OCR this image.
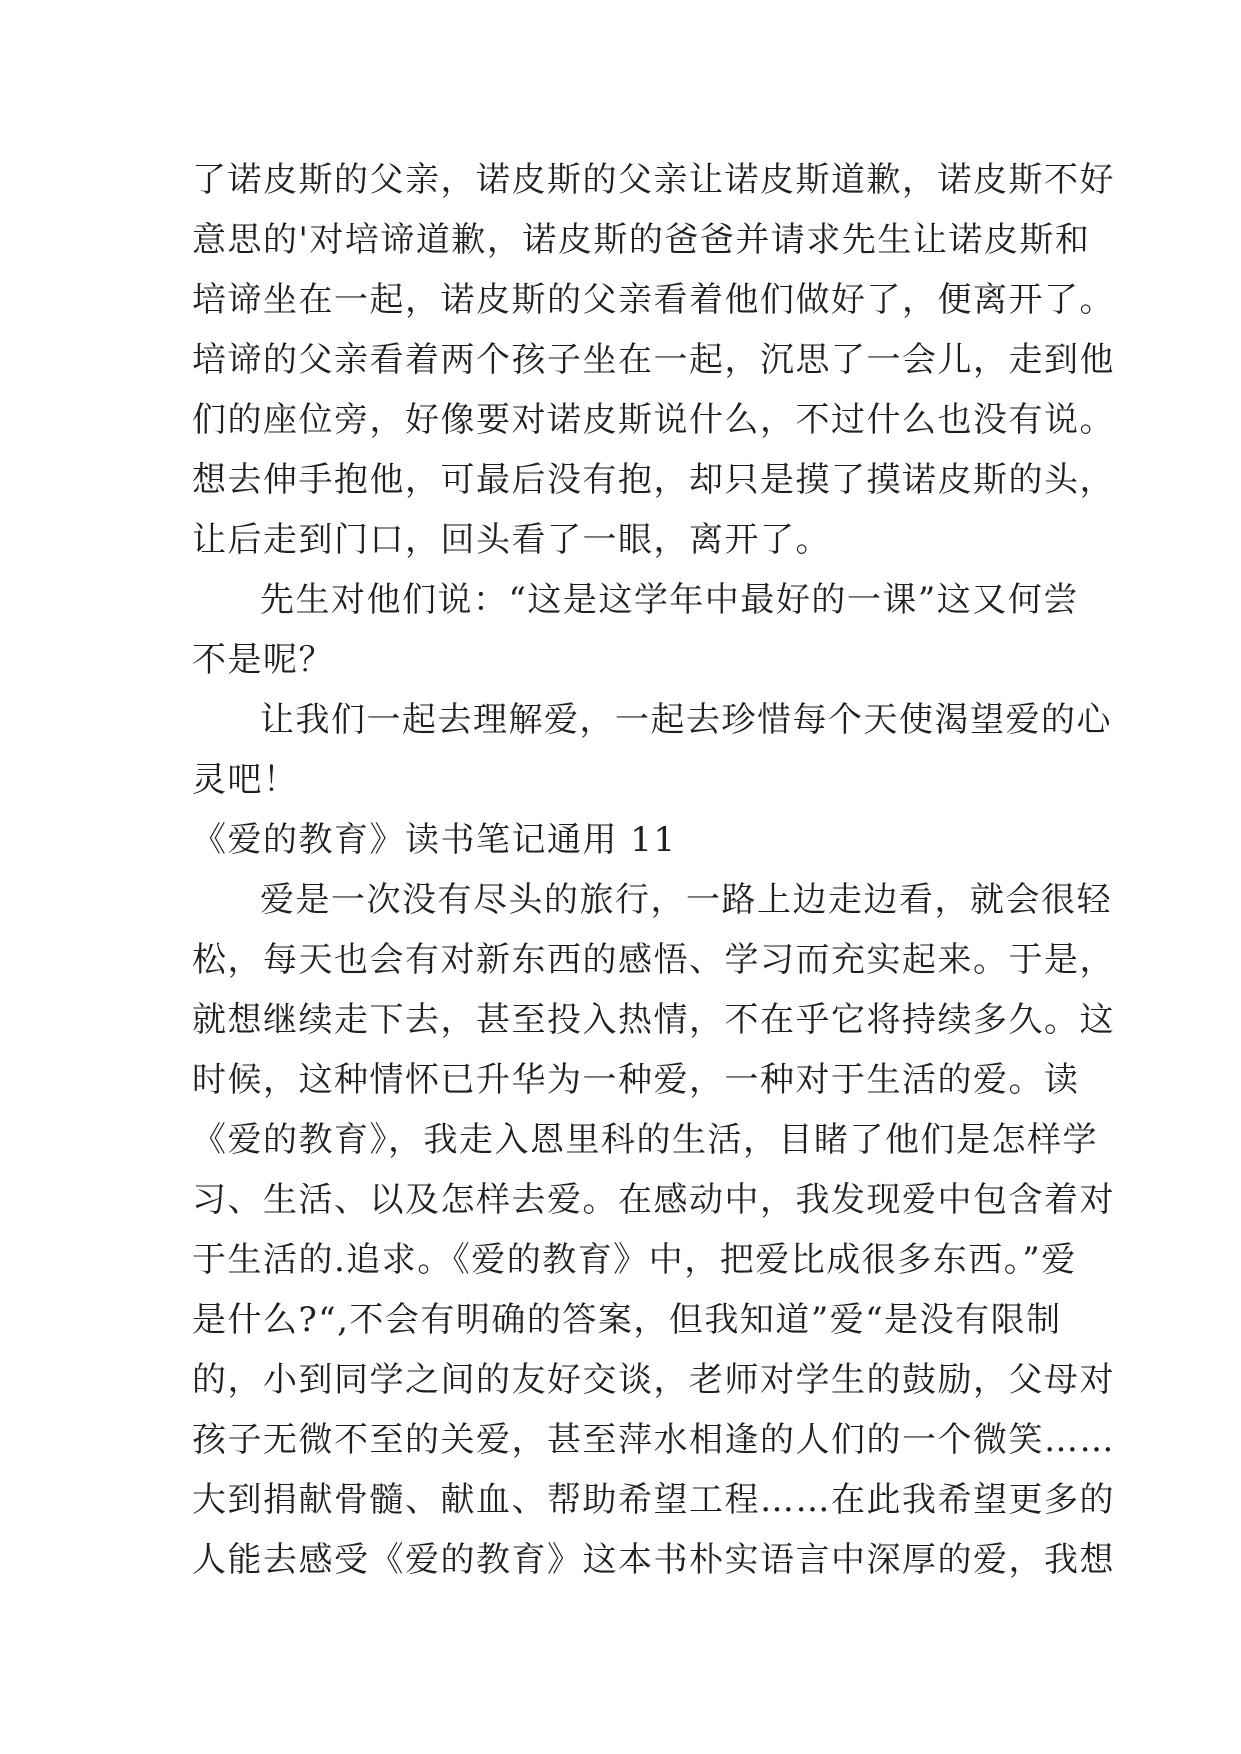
了诺皮斯的父亲，诺皮斯的父亲让诺皮斯道歉，诺皮斯不好
意思的'对培谛道歉，诺皮斯的爸爸并请求先生让诺皮斯和
培谛坐在一起，诺皮斯的父亲看着他们做好了，便离开了。
培谛的父亲看着两个孩子坐在一起，沉思了一会儿，走到他
们的座位旁，好像要对诺皮斯说什么，不过什么也没有说。
想去伸手抱他，可最后没有抱，却只是摸了摸诺皮斯的头，
让后走到门口，回头看了一眼，离开了。
先生对他们说：“这是这学年中最好的一课”这又何尝
不是呢？
让我们一起去理解爱，一起去珍惜每个天使渴望爱的心
灵吧！
《爱的教育》读书笔记通用 11
爱是一次没有尽头的旅行，一路上边走边看，就会很轻
松，每天也会有对新东西的感悟、学习而充实起来。于是，
就想继续走下去，甚至投入热情，不在乎它将持续多久。这
时候，这种情怀已升华为一种爱，一种对于生活的爱。读
《爱的教育》，我走入恩里科的生活，目睹了他们是怎样学
习、生活、以及怎样去爱。在感动中，我发现爱中包含着对
于生活的.追求。《爱的教育》中，把爱比成很多东西。”爱
是什么?“,不会有明确的答案，但我知道”爱“是没有限制
的，小到同学之间的友好交谈，老师对学生的鼓励，父母对
孩子无微不至的关爱，甚至萍水相逢的人们的一个微笑……
大到捐献骨髓、献血、帮助希望工程……在此我希望更多的
人能去感受《爱的教育》这本书朴实语言中深厚的爱，我想
